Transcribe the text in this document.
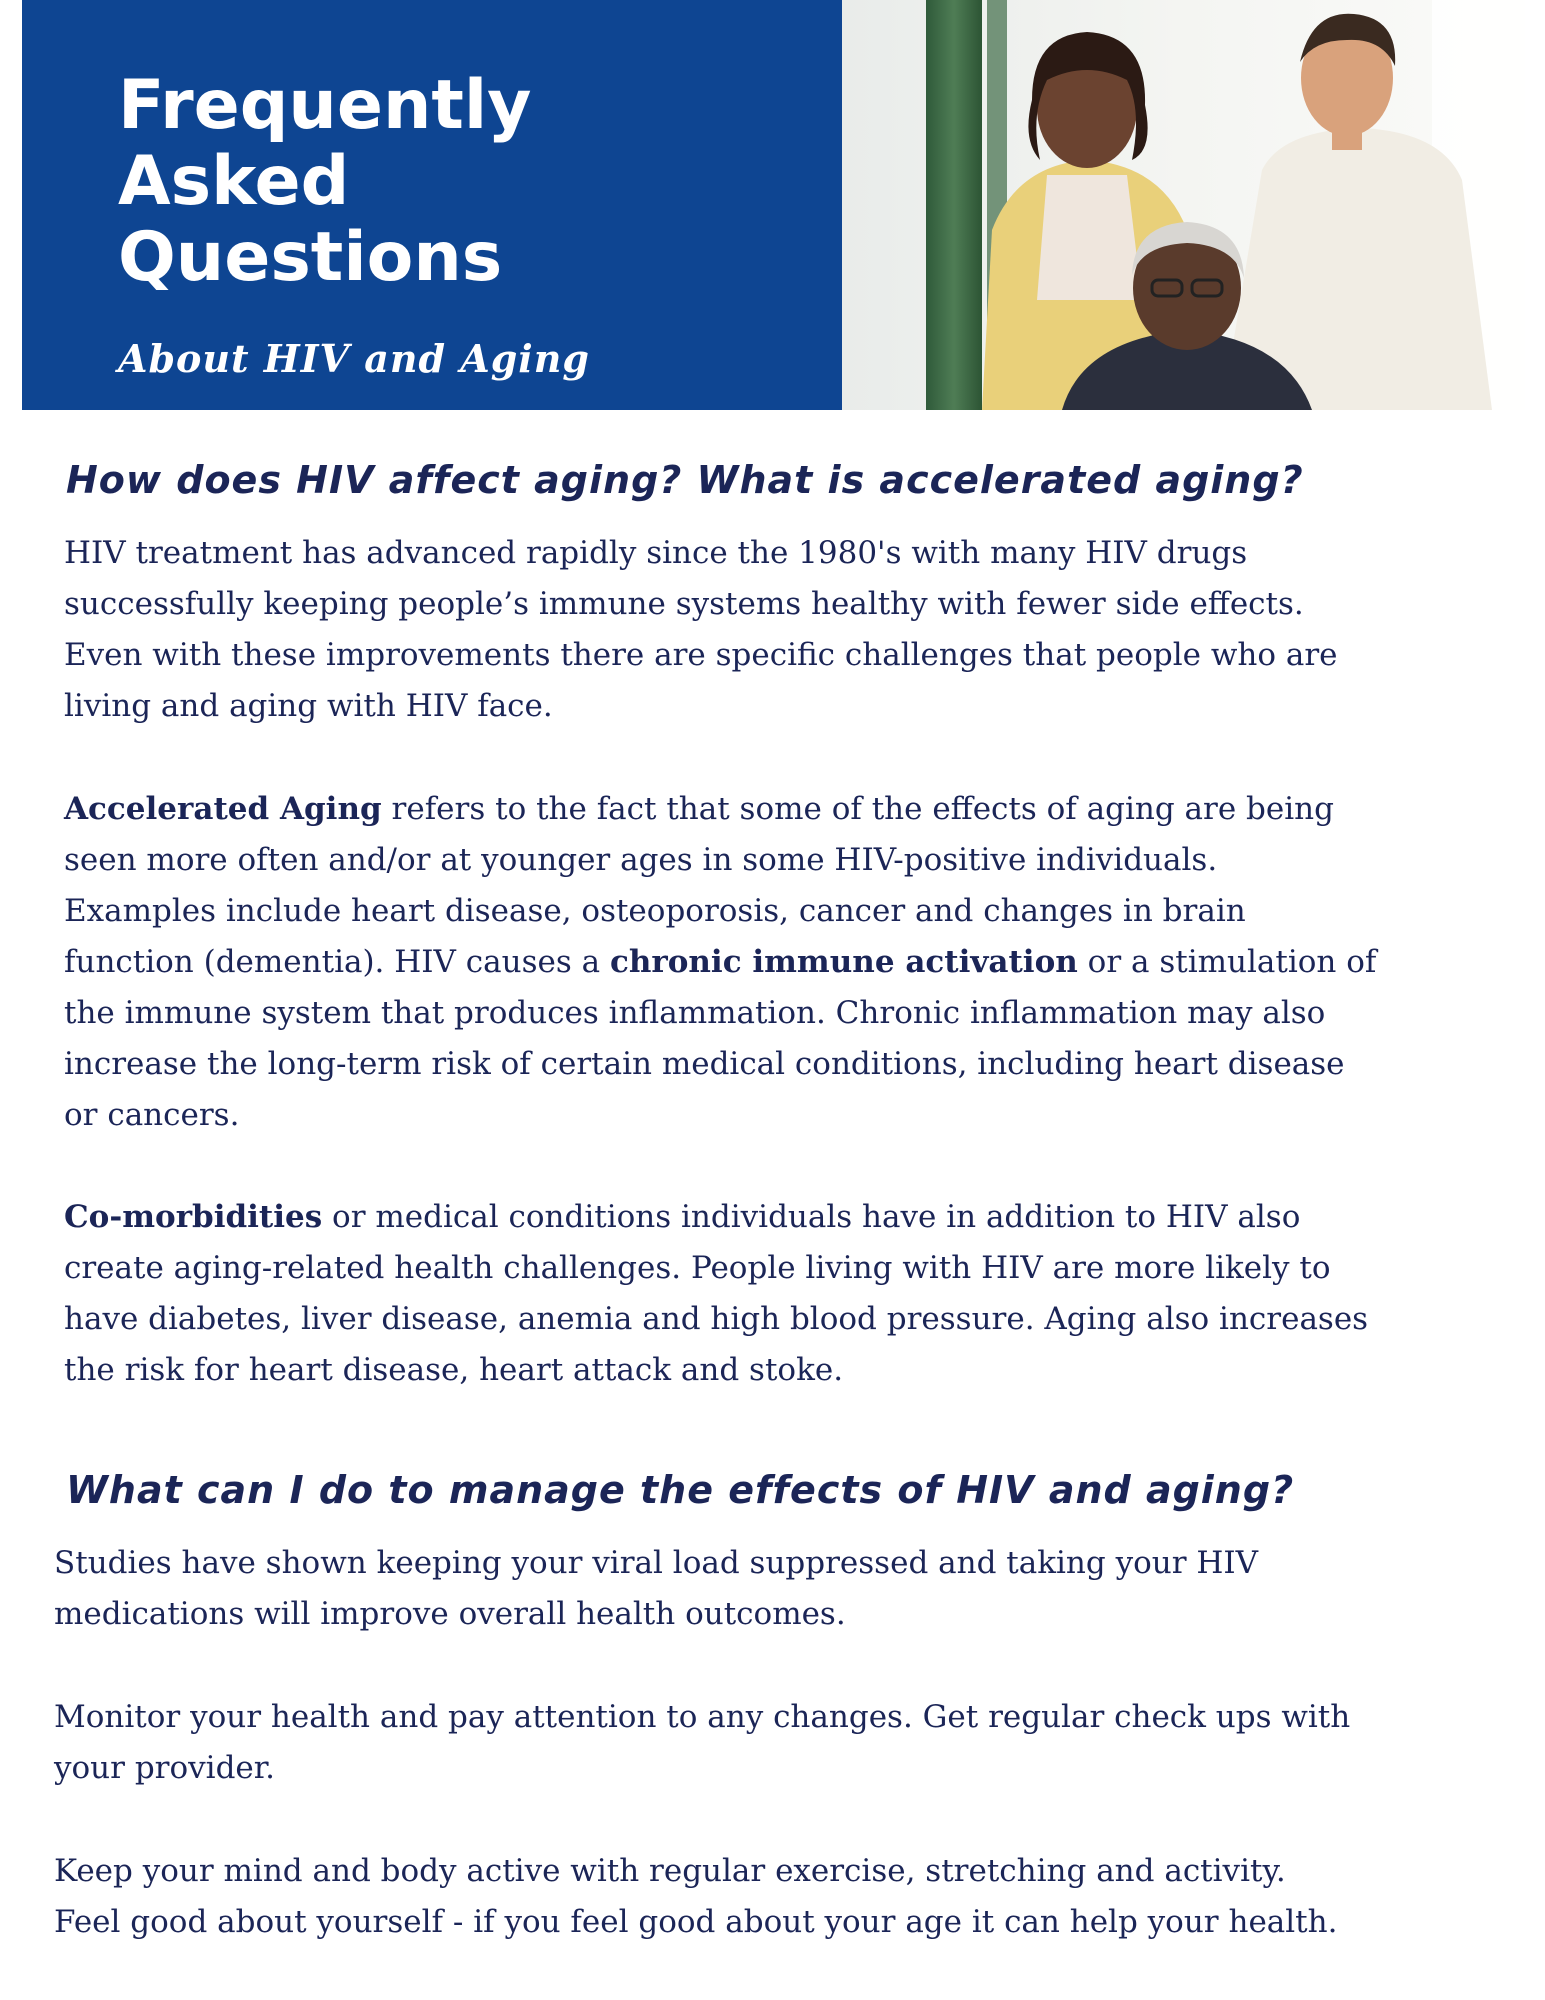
Frequently
Asked
Questions
About HIV and Aging
How does HIV affect aging? What is accelerated aging?

HIV treatment has advanced rapidly since the 1980's with many HIV drugs
successfully keeping people’s immune systems healthy with fewer side effects.
Even with these improvements there are specific challenges that people who are
living and aging with HIV face.

Accelerated Aging refers to the fact that some of the effects of aging are being
seen more often and/or at younger ages in some HIV-positive individuals.
Examples include heart disease, osteoporosis, cancer and changes in brain
function (dementia). HIV causes a chronic immune activation or a stimulation of
the immune system that produces inflammation. Chronic inflammation may also
increase the long-term risk of certain medical conditions, including heart disease
or cancers.

Co-morbidities or medical conditions individuals have in addition to HIV also
create aging-related health challenges. People living with HIV are more likely to
have diabetes, liver disease, anemia and high blood pressure. Aging also increases
the risk for heart disease, heart attack and stoke.

What can I do to manage the effects of HIV and aging?

Studies have shown keeping your viral load suppressed and taking your HIV
medications will improve overall health outcomes.

Monitor your health and pay attention to any changes. Get regular check ups with
your provider.

Keep your mind and body active with regular exercise, stretching and activity.
Feel good about yourself - if you feel good about your age it can help your health.
